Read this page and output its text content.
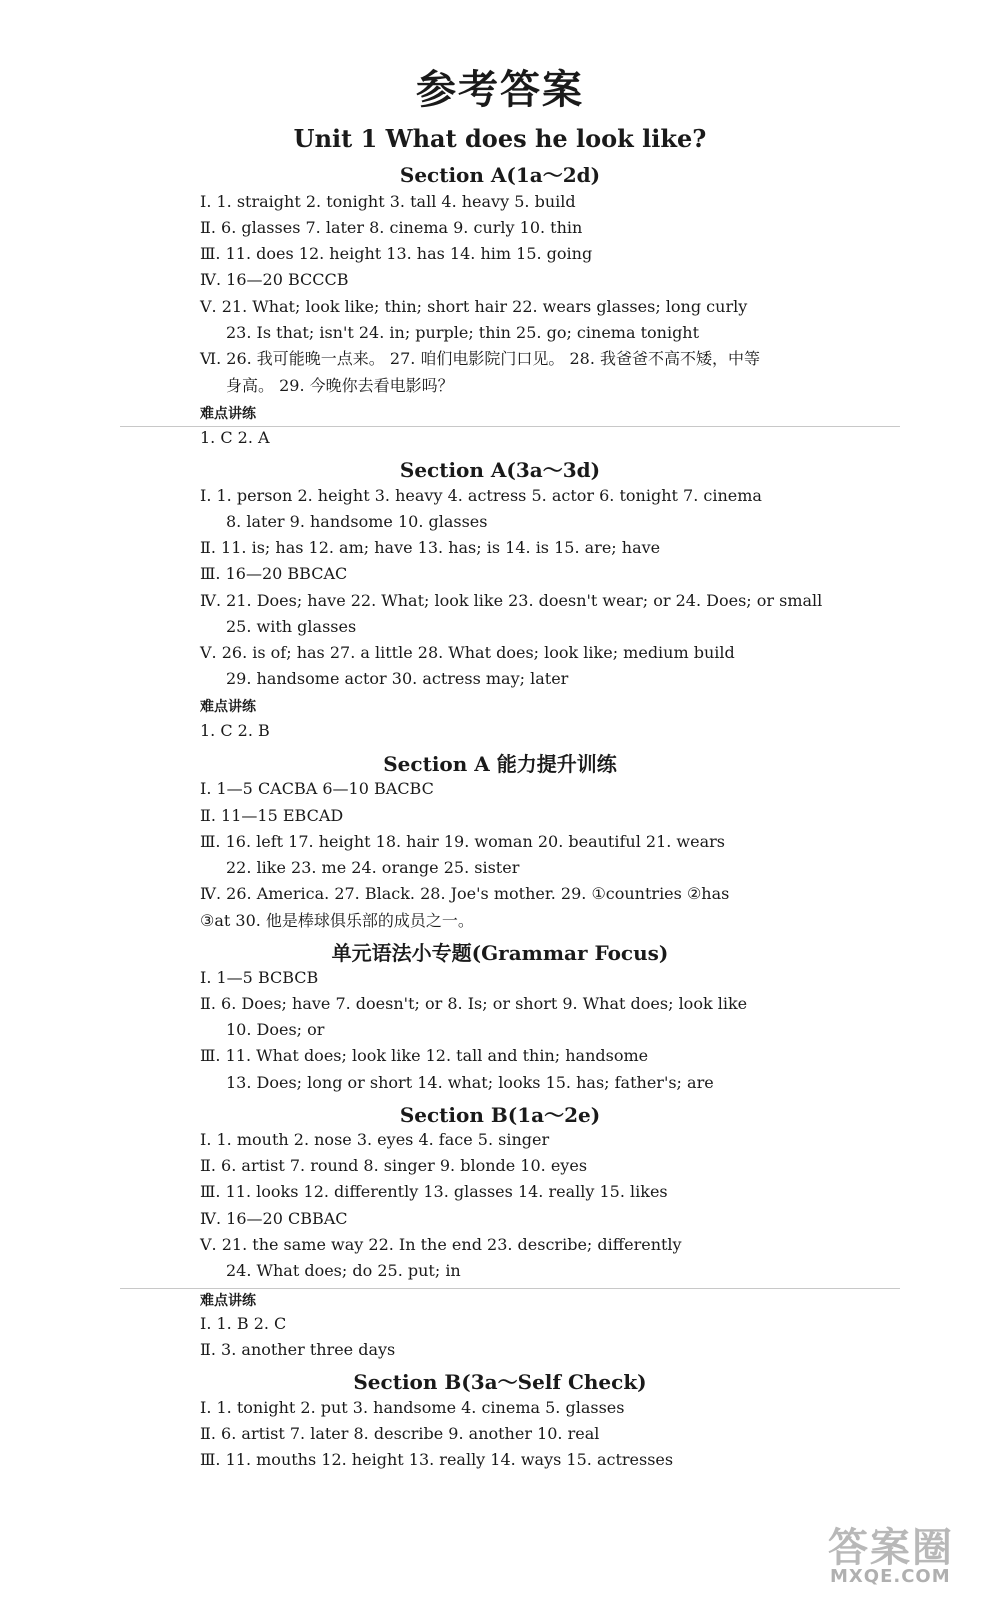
参考答案
Unit 1 What does he look like?
Section A(1a～2d)
Ⅰ. 1. straight 2. tonight 3. tall 4. heavy 5. build
Ⅱ. 6. glasses 7. later 8. cinema 9. curly 10. thin
Ⅲ. 11. does 12. height 13. has 14. him 15. going
Ⅳ. 16—20 BCCCB
Ⅴ. 21. What; look like; thin; short hair 22. wears glasses; long curly
23. Is that; isn't 24. in; purple; thin 25. go; cinema tonight
Ⅵ. 26. 我可能晚一点来。 27. 咱们电影院门口见。 28. 我爸爸不高不矮，中等
身高。 29. 今晚你去看电影吗？
难点讲练
1. C 2. A
Section A(3a～3d)
Ⅰ. 1. person 2. height 3. heavy 4. actress 5. actor 6. tonight 7. cinema
8. later 9. handsome 10. glasses
Ⅱ. 11. is; has 12. am; have 13. has; is 14. is 15. are; have
Ⅲ. 16—20 BBCAC
Ⅳ. 21. Does; have 22. What; look like 23. doesn't wear; or 24. Does; or small
25. with glasses
Ⅴ. 26. is of; has 27. a little 28. What does; look like; medium build
29. handsome actor 30. actress may; later
难点讲练
1. C 2. B
Section A 能力提升训练
Ⅰ. 1—5 CACBA 6—10 BACBC
Ⅱ. 11—15 EBCAD
Ⅲ. 16. left 17. height 18. hair 19. woman 20. beautiful 21. wears
22. like 23. me 24. orange 25. sister
Ⅳ. 26. America. 27. Black. 28. Joe's mother. 29. ①countries ②has
③at 30. 他是棒球俱乐部的成员之一。
单元语法小专题(Grammar Focus)
Ⅰ. 1—5 BCBCB
Ⅱ. 6. Does; have 7. doesn't; or 8. Is; or short 9. What does; look like
10. Does; or
Ⅲ. 11. What does; look like 12. tall and thin; handsome
13. Does; long or short 14. what; looks 15. has; father's; are
Section B(1a～2e)
Ⅰ. 1. mouth 2. nose 3. eyes 4. face 5. singer
Ⅱ. 6. artist 7. round 8. singer 9. blonde 10. eyes
Ⅲ. 11. looks 12. differently 13. glasses 14. really 15. likes
Ⅳ. 16—20 CBBAC
Ⅴ. 21. the same way 22. In the end 23. describe; differently
24. What does; do 25. put; in
难点讲练
Ⅰ. 1. B 2. C
Ⅱ. 3. another three days
Section B(3a～Self Check)
Ⅰ. 1. tonight 2. put 3. handsome 4. cinema 5. glasses
Ⅱ. 6. artist 7. later 8. describe 9. another 10. real
Ⅲ. 11. mouths 12. height 13. really 14. ways 15. actresses
答案圈
MXQE.COM
